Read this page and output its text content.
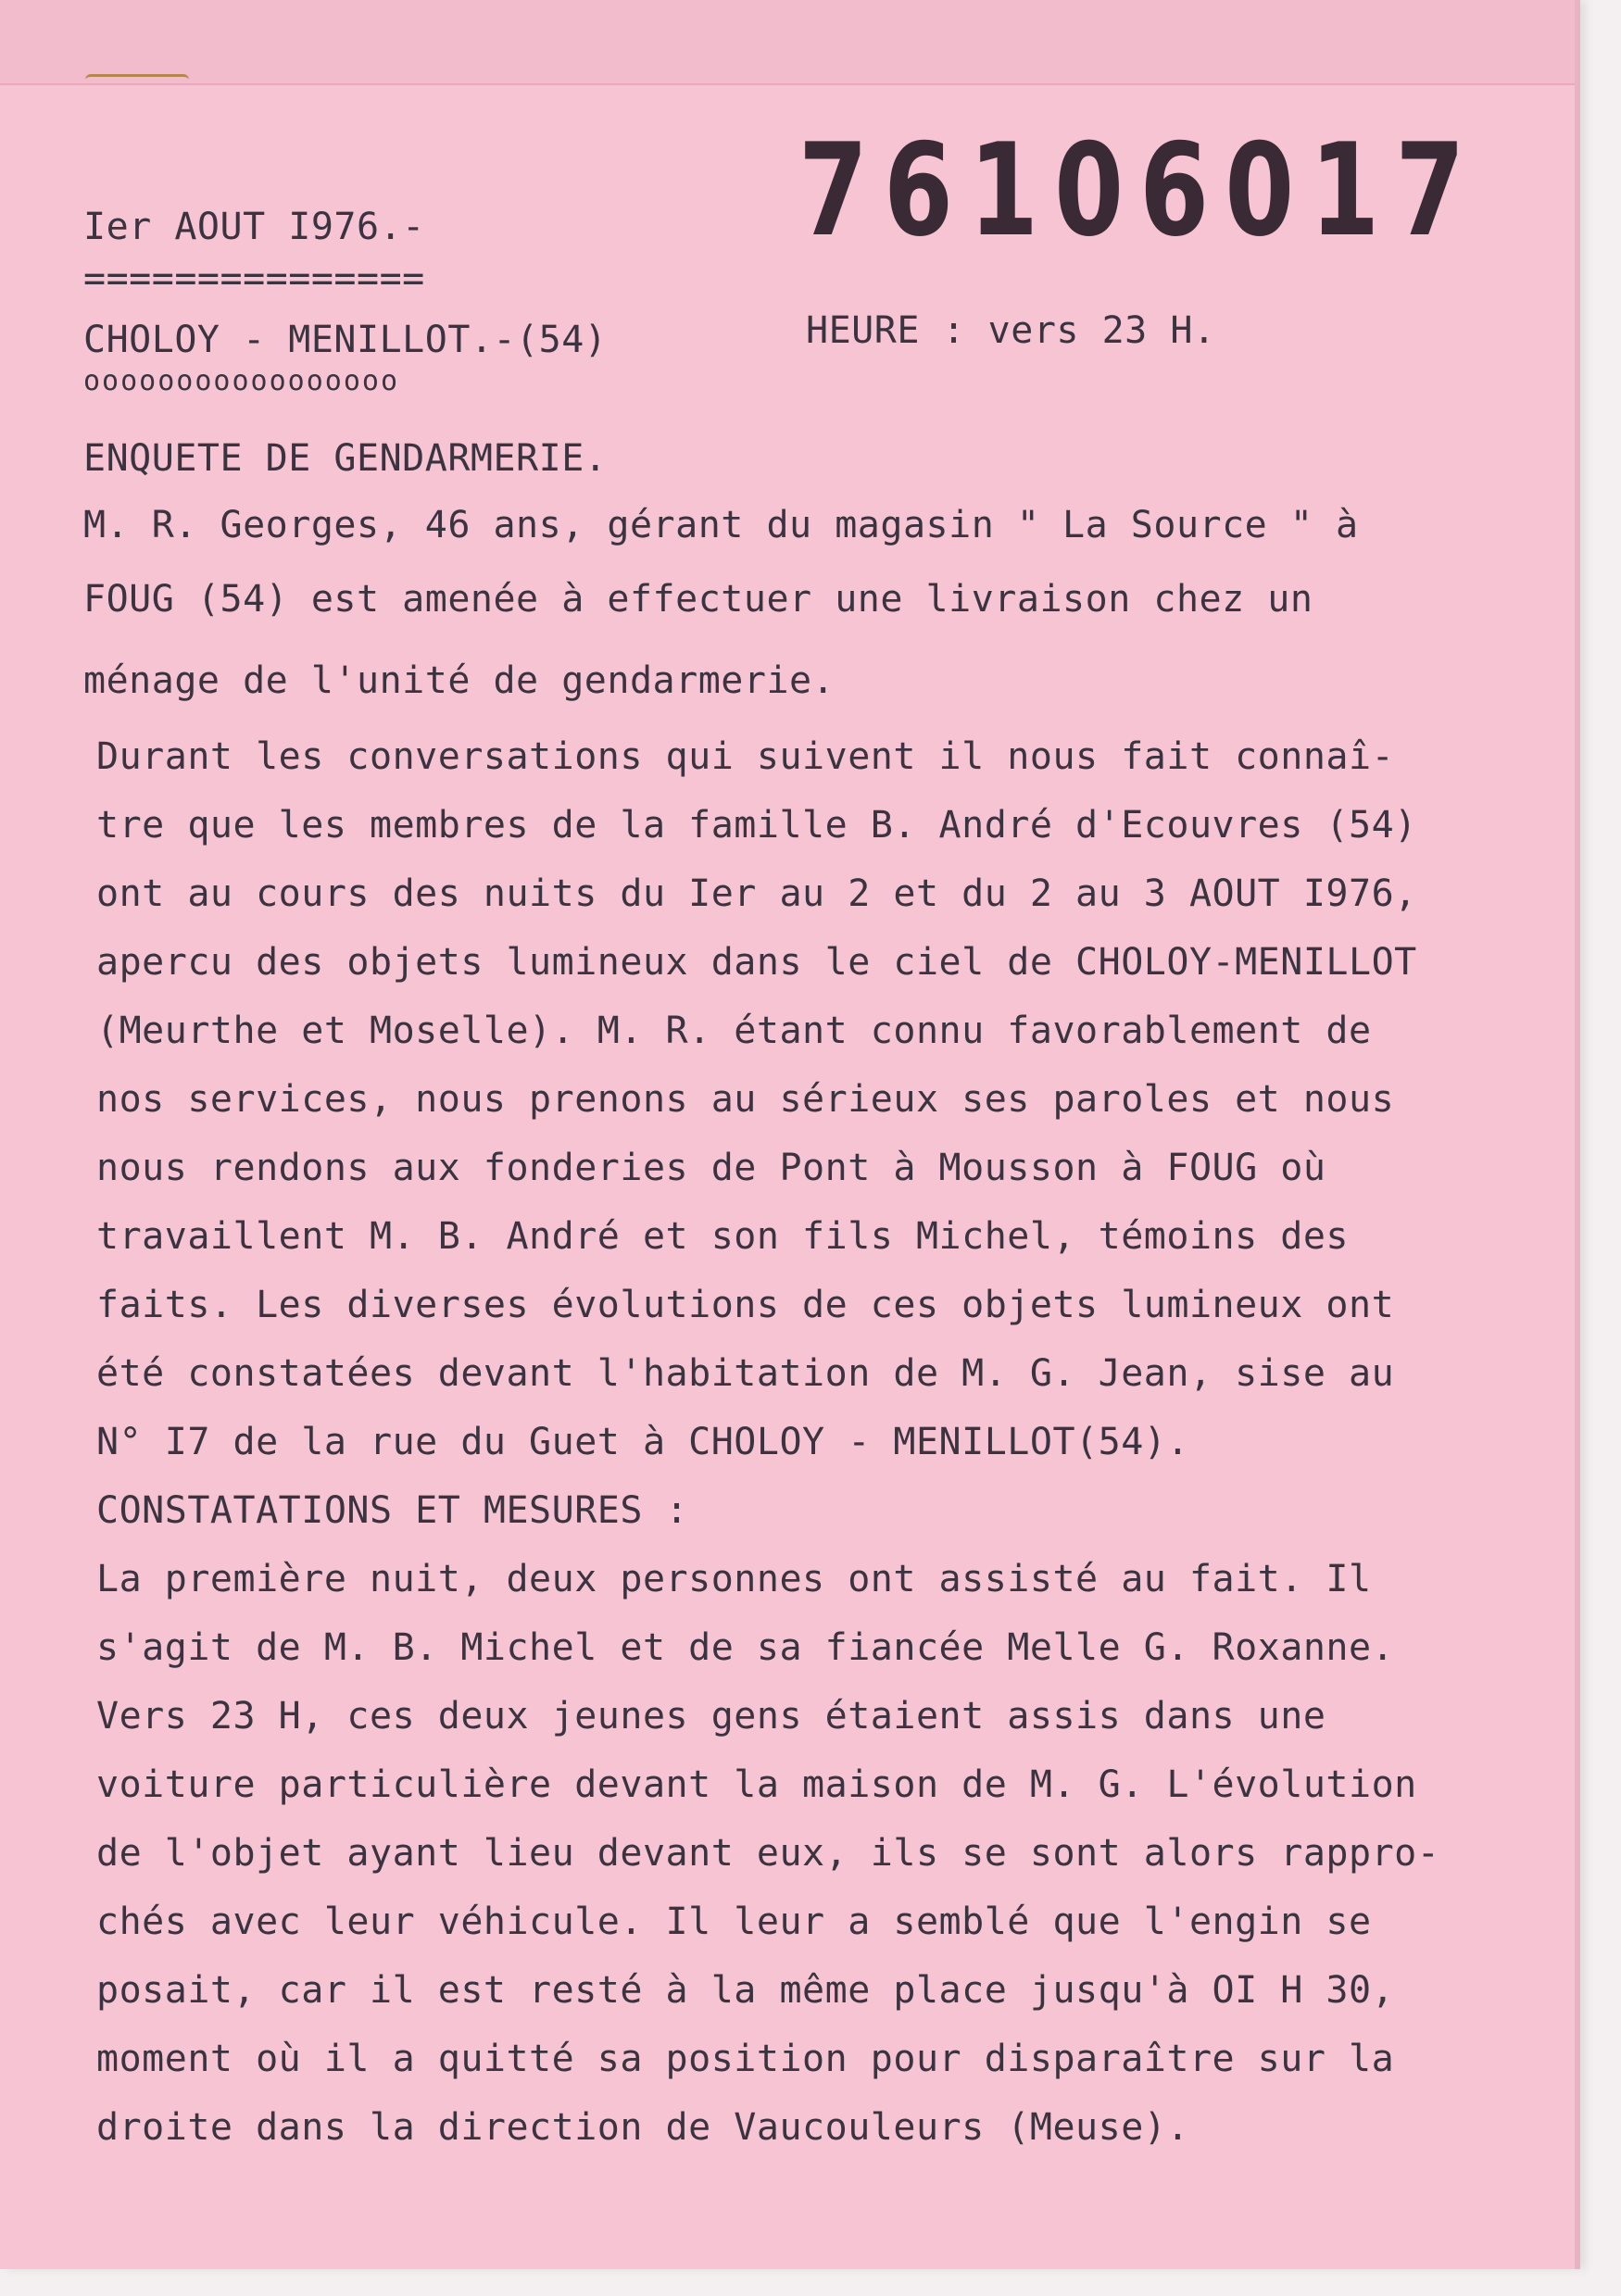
76106017

Ier AOUT I976.-

===============

CHOLOY - MENILLOT.-(54)	HEURE : vers 23 H.

ooooooooooooooooo

ENQUETE DE GENDARMERIE.

M. R. Georges, 46 ans, gérant du magasin " La Source " à

FOUG (54) est amenée à effectuer une livraison chez un

ménage de l'unité de gendarmerie.

Durant les conversations qui suivent il nous fait connaî-
tre que les membres de la famille B. André d'Ecouvres (54)
ont au cours des nuits du Ier au 2 et du 2 au 3 AOUT I976,
apercu des objets lumineux dans le ciel de CHOLOY-MENILLOT
(Meurthe et Moselle). M. R. étant connu favorablement de
nos services, nous prenons au sérieux ses paroles et nous
nous rendons aux fonderies de Pont à Mousson à FOUG où
travaillent M. B. André et son fils Michel, témoins des
faits. Les diverses évolutions de ces objets lumineux ont
été constatées devant l'habitation de M. G. Jean, sise au
N° I7 de la rue du Guet à CHOLOY - MENILLOT(54).
CONSTATATIONS ET MESURES :
La première nuit, deux personnes ont assisté au fait. Il
s'agit de M. B. Michel et de sa fiancée Melle G. Roxanne.
Vers 23 H, ces deux jeunes gens étaient assis dans une
voiture particulière devant la maison de M. G. L'évolution
de l'objet ayant lieu devant eux, ils se sont alors rappro-
chés avec leur véhicule. Il leur a semblé que l'engin se
posait, car il est resté à la même place jusqu'à OI H 30,
moment où il a quitté sa position pour disparaître sur la
droite dans la direction de Vaucouleurs (Meuse).
